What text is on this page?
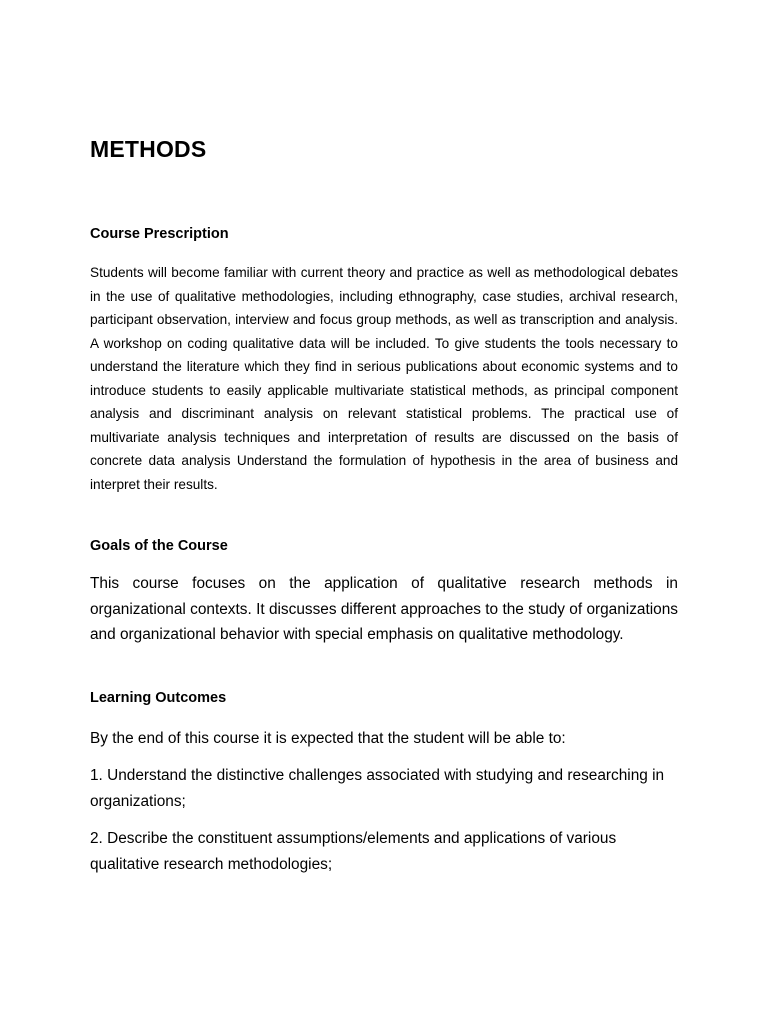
METHODS
Course Prescription

Students will become familiar with current theory and practice as well as methodological debates in the use of qualitative methodologies, including ethnography, case studies, archival research, participant observation, interview and focus group methods, as well as transcription and analysis. A workshop on coding qualitative data will be included. To give students the tools necessary to understand the literature which they find in serious publications about economic systems and to introduce students to easily applicable multivariate statistical methods, as principal component analysis and discriminant analysis on relevant statistical problems. The practical use of multivariate analysis techniques and interpretation of results are discussed on the basis of concrete data analysis Understand the formulation of hypothesis in the area of business and interpret their results.

Goals of the Course

This course focuses on the application of qualitative research methods in organizational contexts. It discusses different approaches to the study of organizations and organizational behavior with special emphasis on qualitative methodology.

Learning Outcomes

By the end of this course it is expected that the student will be able to:

1. Understand the distinctive challenges associated with studying and researching in organizations;

2. Describe the constituent assumptions/elements and applications of various qualitative research methodologies;
